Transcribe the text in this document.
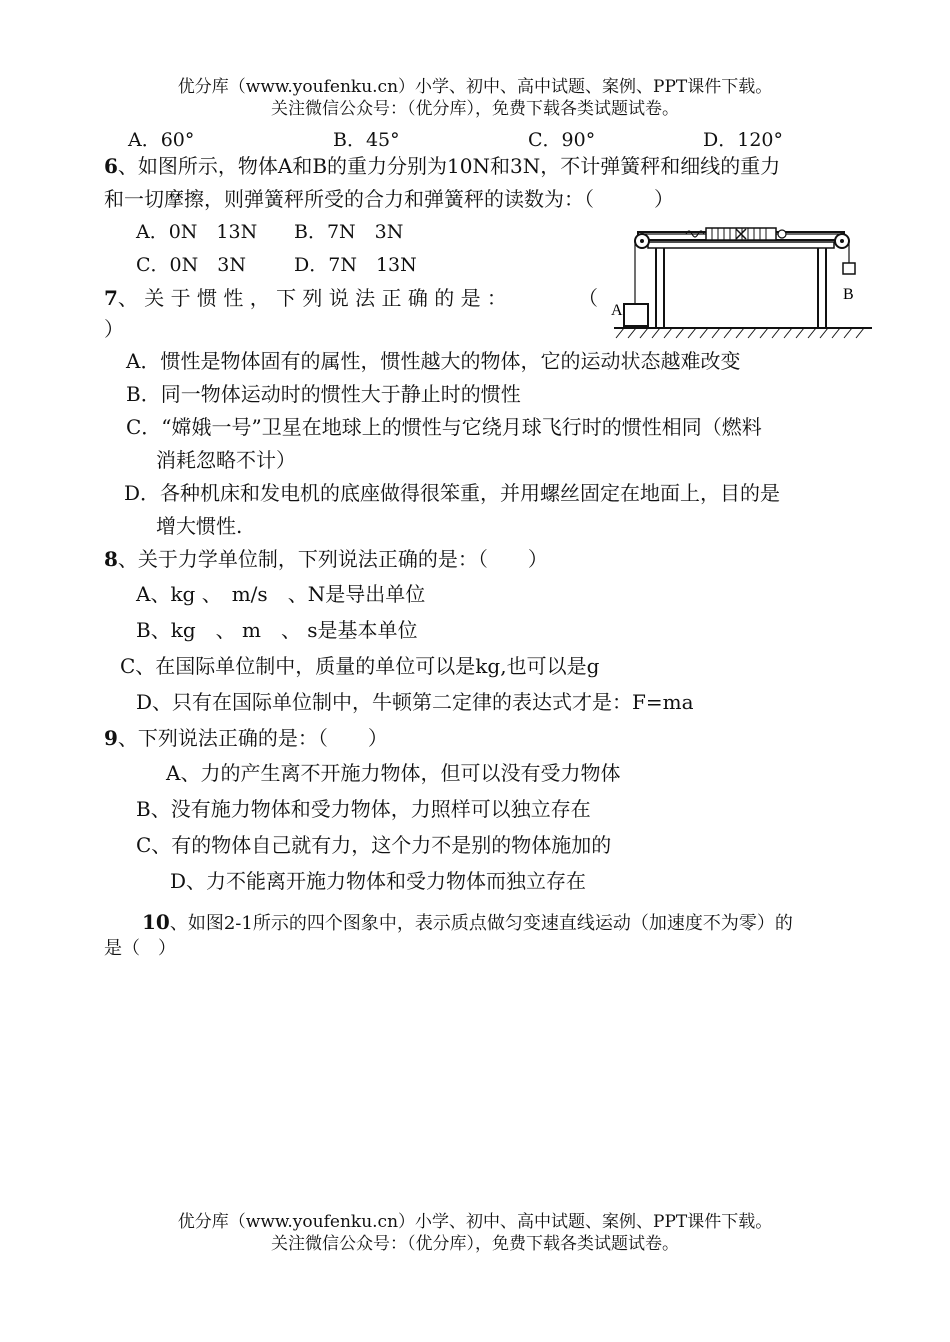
优分库（www.youfenku.cn）小学、初中、高中试题、案例、PPT课件下载。
关注微信公众号：（优分库），免费下载各类试题试卷。
A．60°	B．45°	C．90°	D．120°
6、如图所示，物体A和B的重力分别为10N和3N，不计弹簧秤和细线的重力
和一切摩擦，则弹簧秤所受的合力和弹簧秤的读数为：（　　　）
A．0N　13N B．7N　3N
C．0N　3N	D．7N　13N
A
B
7、 关 于 惯 性 ， 下 列 说 法 正 确 的 是 ：	（
）
A．惯性是物体固有的属性，惯性越大的物体，它的运动状态越难改变
B．同一物体运动时的惯性大于静止时的惯性
C．“嫦娥一号”卫星在地球上的惯性与它绕月球飞行时的惯性相同（燃料
消耗忽略不计）
D．各种机床和发电机的底座做得很笨重，并用螺丝固定在地面上，目的是
增大惯性.
8、关于力学单位制，下列说法正确的是：（　　）
A、kg 、　m/s　、N是导出单位
B、kg　、 m　、 s是基本单位
C、在国际单位制中，质量的单位可以是kg,也可以是g
D、只有在国际单位制中，牛顿第二定律的表达式才是：F=ma
9、下列说法正确的是：（　　）
A、力的产生离不开施力物体，但可以没有受力物体
B、没有施力物体和受力物体，力照样可以独立存在
C、有的物体自己就有力，这个力不是别的物体施加的
D、力不能离开施力物体和受力物体而独立存在
10、如图2-1所示的四个图象中，表示质点做匀变速直线运动（加速度不为零）的
是（　）
优分库（www.youfenku.cn）小学、初中、高中试题、案例、PPT课件下载。
关注微信公众号：（优分库），免费下载各类试题试卷。
